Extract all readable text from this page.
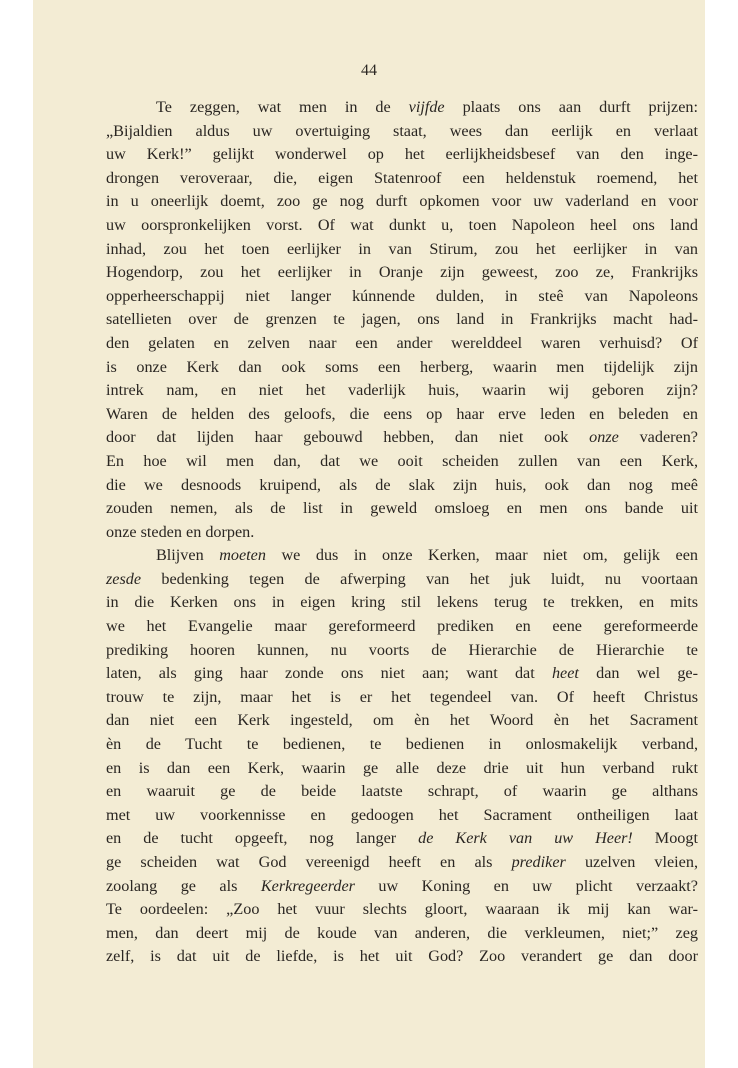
44
Te zeggen, wat men in de vijfde plaats ons aan durft prijzen:
„Bijaldien aldus uw overtuiging staat, wees dan eerlijk en verlaat
uw Kerk!” gelijkt wonderwel op het eerlijkheidsbesef van den inge-
drongen veroveraar, die, eigen Statenroof een heldenstuk roemend, het
in u oneerlijk doemt, zoo ge nog durft opkomen voor uw vaderland en voor
uw oorspronkelijken vorst. Of wat dunkt u, toen Napoleon heel ons land
inhad, zou het toen eerlijker in van Stirum, zou het eerlijker in van
Hogendorp, zou het eerlijker in Oranje zijn geweest, zoo ze, Frankrijks
opperheerschappij niet langer kúnnende dulden, in steê van Napoleons
satellieten over de grenzen te jagen, ons land in Frankrijks macht had-
den gelaten en zelven naar een ander werelddeel waren verhuisd? Of
is onze Kerk dan ook soms een herberg, waarin men tijdelijk zijn
intrek nam, en niet het vaderlijk huis, waarin wij geboren zijn?
Waren de helden des geloofs, die eens op haar erve leden en beleden en
door dat lijden haar gebouwd hebben, dan niet ook onze vaderen?
En hoe wil men dan, dat we ooit scheiden zullen van een Kerk,
die we desnoods kruipend, als de slak zijn huis, ook dan nog meê
zouden nemen, als de list in geweld omsloeg en men ons bande uit
onze steden en dorpen.
Blijven moeten we dus in onze Kerken, maar niet om, gelijk een
zesde bedenking tegen de afwerping van het juk luidt, nu voortaan
in die Kerken ons in eigen kring stil lekens terug te trekken, en mits
we het Evangelie maar gereformeerd prediken en eene gereformeerde
prediking hooren kunnen, nu voorts de Hierarchie de Hierarchie te
laten, als ging haar zonde ons niet aan; want dat heet dan wel ge-
trouw te zijn, maar het is er het tegendeel van. Of heeft Christus
dan niet een Kerk ingesteld, om èn het Woord èn het Sacrament
èn de Tucht te bedienen, te bedienen in onlosmakelijk verband,
en is dan een Kerk, waarin ge alle deze drie uit hun verband rukt
en waaruit ge de beide laatste schrapt, of waarin ge althans
met uw voorkennisse en gedoogen het Sacrament ontheiligen laat
en de tucht opgeeft, nog langer de Kerk van uw Heer! Moogt
ge scheiden wat God vereenigd heeft en als prediker uzelven vleien,
zoolang ge als Kerkregeerder uw Koning en uw plicht verzaakt?
Te oordeelen: „Zoo het vuur slechts gloort, waaraan ik mij kan war-
men, dan deert mij de koude van anderen, die verkleumen, niet;” zeg
zelf, is dat uit de liefde, is het uit God? Zoo verandert ge dan door
